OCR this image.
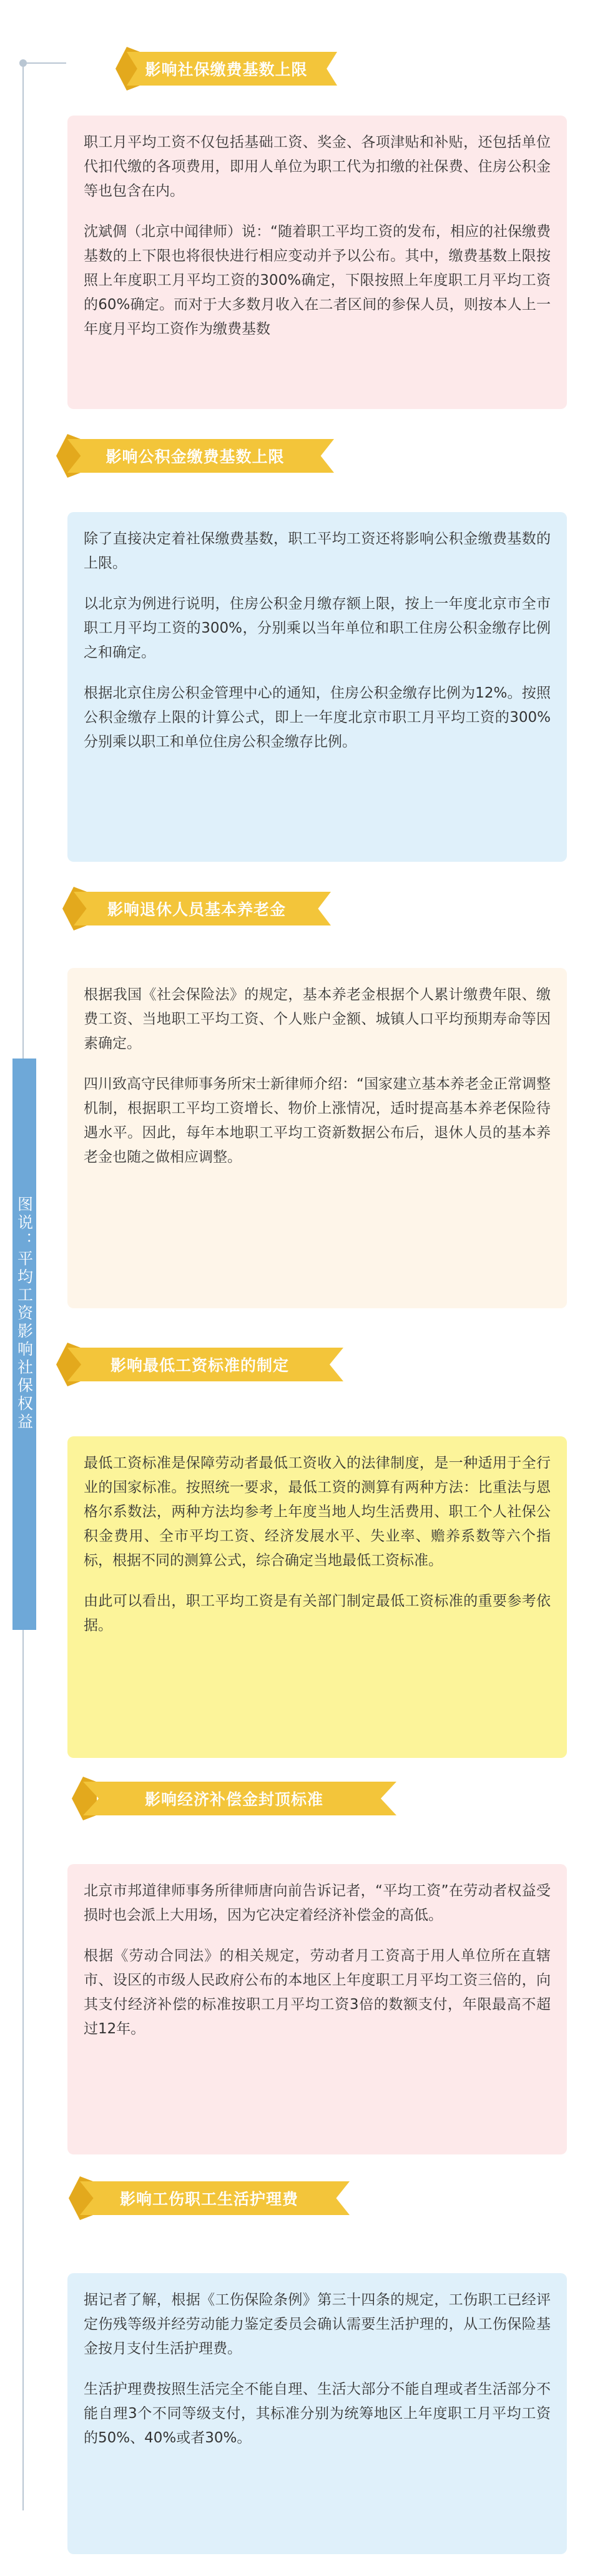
图说：平均工资影响社保权益
影响社保缴费基数上限

职工月平均工资不仅包括基础工资、奖金、各项津贴和补贴，还包括单位代扣代缴的各项费用，即用人单位为职工代为扣缴的社保费、住房公积金等也包含在内。

沈斌倜（北京中闻律师）说：“随着职工平均工资的发布，相应的社保缴费基数的上下限也将很快进行相应变动并予以公布。其中，缴费基数上限按照上年度职工月平均工资的300%确定，下限按照上年度职工月平均工资的60%确定。而对于大多数月收入在二者区间的参保人员，则按本人上一年度月平均工资作为缴费基数

影响公积金缴费基数上限

除了直接决定着社保缴费基数，职工平均工资还将影响公积金缴费基数的上限。

以北京为例进行说明，住房公积金月缴存额上限，按上一年度北京市全市职工月平均工资的300%，分别乘以当年单位和职工住房公积金缴存比例之和确定。

根据北京住房公积金管理中心的通知，住房公积金缴存比例为12%。按照公积金缴存上限的计算公式，即上一年度北京市职工月平均工资的300%分别乘以职工和单位住房公积金缴存比例。

影响退休人员基本养老金

根据我国《社会保险法》的规定，基本养老金根据个人累计缴费年限、缴费工资、当地职工平均工资、个人账户金额、城镇人口平均预期寿命等因素确定。

四川致高守民律师事务所宋士新律师介绍：“国家建立基本养老金正常调整机制，根据职工平均工资增长、物价上涨情况，适时提高基本养老保险待遇水平。因此，每年本地职工平均工资新数据公布后，退休人员的基本养老金也随之做相应调整。

影响最低工资标准的制定

最低工资标准是保障劳动者最低工资收入的法律制度，是一种适用于全行业的国家标准。按照统一要求，最低工资的测算有两种方法：比重法与恩格尔系数法，两种方法均参考上年度当地人均生活费用、职工个人社保公积金费用、全市平均工资、经济发展水平、失业率、赡养系数等六个指标，根据不同的测算公式，综合确定当地最低工资标准。

由此可以看出，职工平均工资是有关部门制定最低工资标准的重要参考依据。

影响经济补偿金封顶标准

北京市邦道律师事务所律师唐向前告诉记者，“平均工资”在劳动者权益受损时也会派上大用场，因为它决定着经济补偿金的高低。

根据《劳动合同法》的相关规定，劳动者月工资高于用人单位所在直辖市、设区的市级人民政府公布的本地区上年度职工月平均工资三倍的，向其支付经济补偿的标准按职工月平均工资3倍的数额支付，年限最高不超过12年。

影响工伤职工生活护理费

据记者了解，根据《工伤保险条例》第三十四条的规定，工伤职工已经评定伤残等级并经劳动能力鉴定委员会确认需要生活护理的，从工伤保险基金按月支付生活护理费。

生活护理费按照生活完全不能自理、生活大部分不能自理或者生活部分不能自理3个不同等级支付，其标准分别为统筹地区上年度职工月平均工资的50%、40%或者30%。
